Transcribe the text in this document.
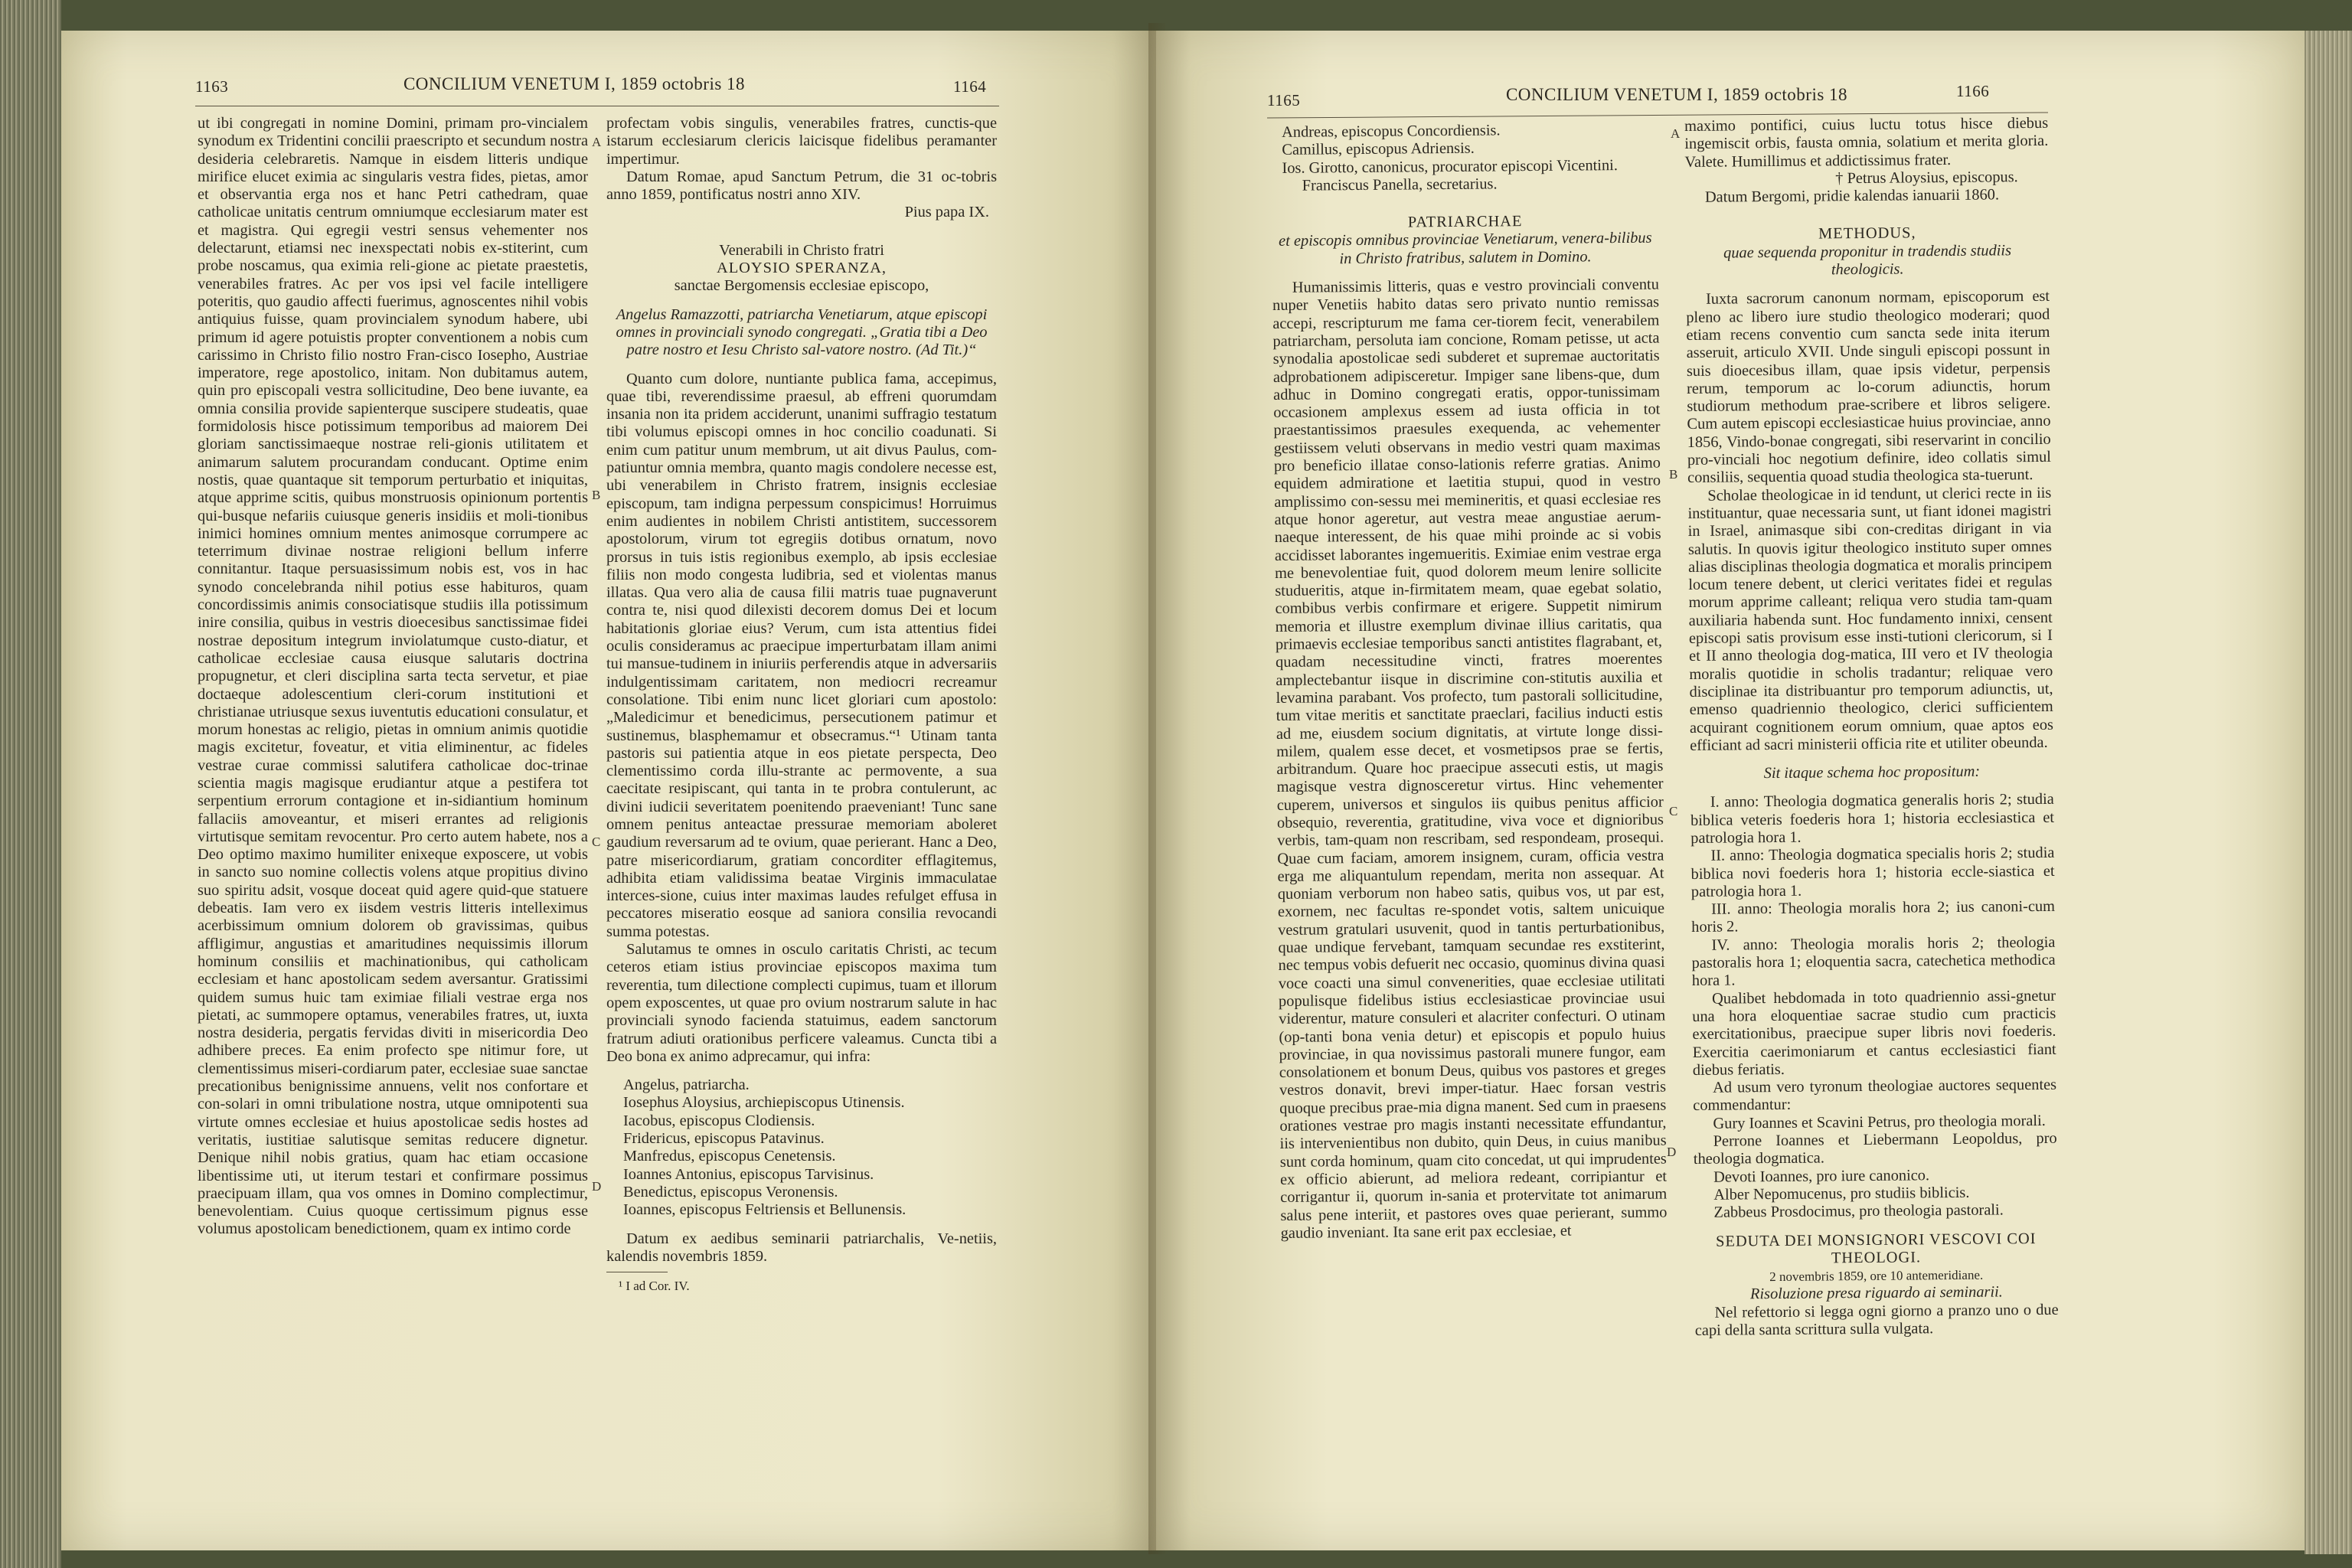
1163	CONCILIUM VENETUM I, 1859 octobris 18	1164

ut ibi congregati in nomine Domini, primam pro-vincialem synodum ex Tridentini concilii praescripto et secundum nostra desideria celebraretis. Namque in eisdem litteris undique mirifice elucet eximia ac singularis vestra fides, pietas, amor et observantia erga nos et hanc Petri cathedram, quae catholicae unitatis centrum omniumque ecclesiarum mater est et magistra. Qui egregii vestri sensus vehementer nos delectarunt, etiamsi nec inexspectati nobis ex-stiterint, cum probe noscamus, qua eximia reli-gione ac pietate praestetis, venerabiles fratres. Ac per vos ipsi vel facile intelligere poteritis, quo gaudio affecti fuerimus, agnoscentes nihil vobis antiquius fuisse, quam provincialem synodum habere, ubi primum id agere potuistis propter conventionem a nobis cum carissimo in Christo filio nostro Fran-cisco Iosepho, Austriae imperatore, rege apostolico, initam. Non dubitamus autem, quin pro episcopali vestra sollicitudine, Deo bene iuvante, ea omnia consilia provide sapienterque suscipere studeatis, quae formidolosis hisce potissimum temporibus ad maiorem Dei gloriam sanctissimaeque nostrae reli-gionis utilitatem et animarum salutem procurandam conducant. Optime enim nostis, quae quantaque sit temporum perturbatio et iniquitas, atque apprime scitis, quibus monstruosis opinionum portentis qui-busque nefariis cuiusque generis insidiis et moli-tionibus inimici homines omnium mentes animosque corrumpere ac teterrimum divinae nostrae religioni bellum inferre connitantur. Itaque persuasissimum nobis est, vos in hac synodo concelebranda nihil potius esse habituros, quam concordissimis animis consociatisque studiis illa potissimum inire consilia, quibus in vestris dioecesibus sanctissimae fidei nostrae depositum integrum inviolatumque custo-diatur, et catholicae ecclesiae causa eiusque salutaris doctrina propugnetur, et cleri disciplina sarta tecta servetur, et piae doctaeque adolescentium cleri-corum institutioni et christianae utriusque sexus iuventutis educationi consulatur, et morum honestas ac religio, pietas in omnium animis quotidie magis excitetur, foveatur, et vitia eliminentur, ac fideles vestrae curae commissi salutifera catholicae doc-trinae scientia magis magisque erudiantur atque a pestifera tot serpentium errorum contagione et in-sidiantium hominum fallaciis amoveantur, et miseri errantes ad religionis virtutisque semitam revocentur. Pro certo autem habete, nos a Deo optimo maximo humiliter enixeque exposcere, ut vobis in sancto suo nomine collectis volens atque propitius divino suo spiritu adsit, vosque doceat quid agere quid-que statuere debeatis. Iam vero ex iisdem vestris litteris intelleximus acerbissimum omnium dolorem ob gravissimas, quibus affligimur, angustias et amaritudines nequissimis illorum hominum consiliis et machinationibus, qui catholicam ecclesiam et hanc apostolicam sedem aversantur. Gratissimi quidem sumus huic tam eximiae filiali vestrae erga nos pietati, ac summopere optamus, venerabiles fratres, ut, iuxta nostra desideria, pergatis fervidas diviti in misericordia Deo adhibere preces. Ea enim profecto spe nitimur fore, ut clementissimus miseri-cordiarum pater, ecclesiae suae sanctae precationibus benignissime annuens, velit nos confortare et con-solari in omni tribulatione nostra, utque omnipotenti sua virtute omnes ecclesiae et huius apostolicae sedis hostes ad veritatis, iustitiae salutisque semitas reducere dignetur. Denique nihil nobis gratius, quam hac etiam occasione libentissime uti, ut iterum testari et confirmare possimus praecipuam illam, qua vos omnes in Domino complectimur, benevolentiam. Cuius quoque certissimum pignus esse volumus apostolicam benedictionem, quam ex intimo corde

A
B
C
D

profectam vobis singulis, venerabiles fratres, cunctis-que istarum ecclesiarum clericis laicisque fidelibus peramanter impertimur.

Datum Romae, apud Sanctum Petrum, die 31 oc-tobris anno 1859, pontificatus nostri anno XIV.

Pius papa IX.

Venerabili in Christo fratri

ALOYSIO SPERANZA,

sanctae Bergomensis ecclesiae episcopo,

Angelus Ramazzotti, patriarcha Venetiarum, atque episcopi omnes in provinciali synodo congregati. „Gratia tibi a Deo patre nostro et Iesu Christo sal-vatore nostro. (Ad Tit.)“

Quanto cum dolore, nuntiante publica fama, accepimus, quae tibi, reverendissime praesul, ab effreni quorumdam insania non ita pridem acciderunt, unanimi suffragio testatum tibi volumus episcopi omnes in hoc concilio coadunati. Si enim cum patitur unum membrum, ut ait divus Paulus, com-patiuntur omnia membra, quanto magis condolere necesse est, ubi venerabilem in Christo fratrem, insignis ecclesiae episcopum, tam indigna perpessum conspicimus! Horruimus enim audientes in nobilem Christi antistitem, successorem apostolorum, virum tot egregiis dotibus ornatum, novo prorsus in tuis istis regionibus exemplo, ab ipsis ecclesiae filiis non modo congesta ludibria, sed et violentas manus illatas. Qua vero alia de causa filii matris tuae pugnaverunt contra te, nisi quod dilexisti decorem domus Dei et locum habitationis gloriae eius? Verum, cum ista attentius fidei oculis consideramus ac praecipue imperturbatam illam animi tui mansue-tudinem in iniuriis perferendis atque in adversariis indulgentissimam caritatem, non mediocri recreamur consolatione. Tibi enim nunc licet gloriari cum apostolo: „Maledicimur et benedicimus, persecutionem patimur et sustinemus, blasphemamur et obsecramus.“¹ Utinam tanta pastoris sui patientia atque in eos pietate perspecta, Deo clementissimo corda illu-strante ac permovente, a sua caecitate resipiscant, qui tanta in te probra contulerunt, ac divini iudicii severitatem poenitendo praeveniant! Tunc sane omnem penitus anteactae pressurae memoriam aboleret gaudium reversarum ad te ovium, quae perierant. Hanc a Deo, patre misericordiarum, gratiam concorditer efflagitemus, adhibita etiam validissima beatae Virginis immaculatae interces-sione, cuius inter maximas laudes refulget effusa in peccatores miseratio eosque ad saniora consilia revocandi summa potestas.

Salutamus te omnes in osculo caritatis Christi, ac tecum ceteros etiam istius provinciae episcopos maxima tum reverentia, tum dilectione complecti cupimus, tuam et illorum opem exposcentes, ut quae pro ovium nostrarum salute in hac provinciali synodo facienda statuimus, eadem sanctorum fratrum adiuti orationibus perficere valeamus. Cuncta tibi a Deo bona ex animo adprecamur, qui infra:

Angelus, patriarcha.
Iosephus Aloysius, archiepiscopus Utinensis.
Iacobus, episcopus Clodiensis.
Fridericus, episcopus Patavinus.
Manfredus, episcopus Cenetensis.
Ioannes Antonius, episcopus Tarvisinus.
Benedictus, episcopus Veronensis.
Ioannes, episcopus Feltriensis et Bellunensis.

Datum ex aedibus seminarii patriarchalis, Ve-netiis, kalendis novembris 1859.

¹ I ad Cor. IV.

1165	CONCILIUM VENETUM I, 1859 octobris 18	1166
Andreas, episcopus Concordiensis.
Camillus, episcopus Adriensis.
Ios. Girotto, canonicus, procurator episcopi Vicentini.

Franciscus Panella, secretarius.

PATRIARCHAE

et episcopis omnibus provinciae Venetiarum, venera-bilibus in Christo fratribus, salutem in Domino.

Humanissimis litteris, quas e vestro provinciali conventu nuper Venetiis habito datas sero privato nuntio remissas accepi, rescripturum me fama cer-tiorem fecit, venerabilem patriarcham, persoluta iam concione, Romam petisse, ut acta synodalia apostolicae sedi subderet et supremae auctoritatis adprobationem adipisceretur. Impiger sane libens-que, dum adhuc in Domino congregati eratis, oppor-tunissimam occasionem amplexus essem ad iusta officia in tot praestantissimos praesules exequenda, ac vehementer gestiissem veluti observans in medio vestri quam maximas pro beneficio illatae conso-lationis referre gratias. Animo equidem admiratione et laetitia stupui, quod in vestro amplissimo con-sessu mei memineritis, et quasi ecclesiae res atque honor ageretur, aut vestra meae angustiae aerum-naeque interessent, de his quae mihi proinde ac si vobis accidisset laborantes ingemueritis. Eximiae enim vestrae erga me benevolentiae fuit, quod dolorem meum lenire sollicite studueritis, atque in-firmitatem meam, quae egebat solatio, combibus verbis confirmare et erigere. Suppetit nimirum memoria et illustre exemplum divinae illius caritatis, qua primaevis ecclesiae temporibus sancti antistites flagrabant, et, quadam necessitudine vincti, fratres moerentes amplectebantur iisque in discrimine con-stitutis auxilia et levamina parabant. Vos profecto, tum pastorali sollicitudine, tum vitae meritis et sanctitate praeclari, facilius inducti estis ad me, eiusdem socium dignitatis, at virtute longe dissi-milem, qualem esse decet, et vosmetipsos prae se fertis, arbitrandum. Quare hoc praecipue assecuti estis, ut magis magisque vestra dignosceretur virtus. Hinc vehementer cuperem, universos et singulos iis quibus penitus afficior obsequio, reverentia, gratitudine, viva voce et dignioribus verbis, tam-quam non rescribam, sed respondeam, prosequi. Quae cum faciam, amorem insignem, curam, officia vestra erga me aliquantulum rependam, merita non assequar. At quoniam verborum non habeo satis, quibus vos, ut par est, exornem, nec facultas re-spondet votis, saltem unicuique vestrum gratulari usuvenit, quod in tantis perturbationibus, quae undique fervebant, tamquam secundae res exstiterint, nec tempus vobis defuerit nec occasio, quominus divina quasi voce coacti una simul convenerities, quae ecclesiae utilitati populisque fidelibus istius ecclesiasticae provinciae usui viderentur, mature consuleri et alacriter confecturi. O utinam (op-tanti bona venia detur) et episcopis et populo huius provinciae, in qua novissimus pastorali munere fungor, eam consolationem et bonum Deus, quibus vos pastores et greges vestros donavit, brevi imper-tiatur. Haec forsan vestris quoque precibus prae-mia digna manent. Sed cum in praesens orationes vestrae pro magis instanti necessitate effundantur, iis intervenientibus non dubito, quin Deus, in cuius manibus sunt corda hominum, quam cito concedat, ut qui imprudentes ex officio abierunt, ad meliora redeant, corripiantur et corrigantur ii, quorum in-sania et protervitate tot animarum salus pene interiit, et pastores oves quae perierant, summo gaudio inveniant. Ita sane erit pax ecclesiae, et

A
B
C
D

maximo pontifici, cuius luctu totus hisce diebus ingemiscit orbis, fausta omnia, solatium et merita gloria. Valete. Humillimus et addictissimus frater.

† Petrus Aloysius, episcopus.

Datum Bergomi, pridie kalendas ianuarii 1860.

METHODUS,

quae sequenda proponitur in tradendis studiis theologicis.

Iuxta sacrorum canonum normam, episcoporum est pleno ac libero iure studio theologico moderari; quod etiam recens conventio cum sancta sede inita iterum asseruit, articulo XVII. Unde singuli episcopi possunt in suis dioecesibus illam, quae ipsis videtur, perpensis rerum, temporum ac lo-corum adiunctis, horum studiorum methodum prae-scribere et libros seligere. Cum autem episcopi ecclesiasticae huius provinciae, anno 1856, Vindo-bonae congregati, sibi reservarint in concilio pro-vinciali hoc negotium definire, ideo collatis simul consiliis, sequentia quoad studia theologica sta-tuerunt.

Scholae theologicae in id tendunt, ut clerici recte in iis instituantur, quae necessaria sunt, ut fiant idonei magistri in Israel, animasque sibi con-creditas dirigant in via salutis. In quovis igitur theologico instituto super omnes alias disciplinas theologia dogmatica et moralis principem locum tenere debent, ut clerici veritates fidei et regulas morum apprime calleant; reliqua vero studia tam-quam auxiliaria habenda sunt. Hoc fundamento innixi, censent episcopi satis provisum esse insti-tutioni clericorum, si I et II anno theologia dog-matica, III vero et IV theologia moralis quotidie in scholis tradantur; reliquae vero disciplinae ita distribuantur pro temporum adiunctis, ut, emenso quadriennio theologico, clerici sufficientem acquirant cognitionem eorum omnium, quae aptos eos efficiant ad sacri ministerii officia rite et utiliter obeunda.

Sit itaque schema hoc propositum:

I. anno: Theologia dogmatica generalis horis 2; studia biblica veteris foederis hora 1; historia ecclesiastica et patrologia hora 1.

II. anno: Theologia dogmatica specialis horis 2; studia biblica novi foederis hora 1; historia eccle-siastica et patrologia hora 1.

III. anno: Theologia moralis hora 2; ius canoni-cum horis 2.

IV. anno: Theologia moralis horis 2; theologia pastoralis hora 1; eloquentia sacra, catechetica methodica hora 1.

Qualibet hebdomada in toto quadriennio assi-gnetur una hora eloquentiae sacrae studio cum practicis exercitationibus, praecipue super libris novi foederis. Exercitia caerimoniarum et cantus ecclesiastici fiant diebus feriatis.

Ad usum vero tyronum theologiae auctores sequentes commendantur:

Gury Ioannes et Scavini Petrus, pro theologia morali.

Perrone Ioannes et Liebermann Leopoldus, pro theologia dogmatica.

Devoti Ioannes, pro iure canonico.

Alber Nepomucenus, pro studiis biblicis.

Zabbeus Prosdocimus, pro theologia pastorali.

SEDUTA DEI MONSIGNORI VESCOVI COI THEOLOGI.

2 novembris 1859, ore 10 antemeridiane.

Risoluzione presa riguardo ai seminarii.

Nel refettorio si legga ogni giorno a pranzo uno o due capi della santa scrittura sulla vulgata.
